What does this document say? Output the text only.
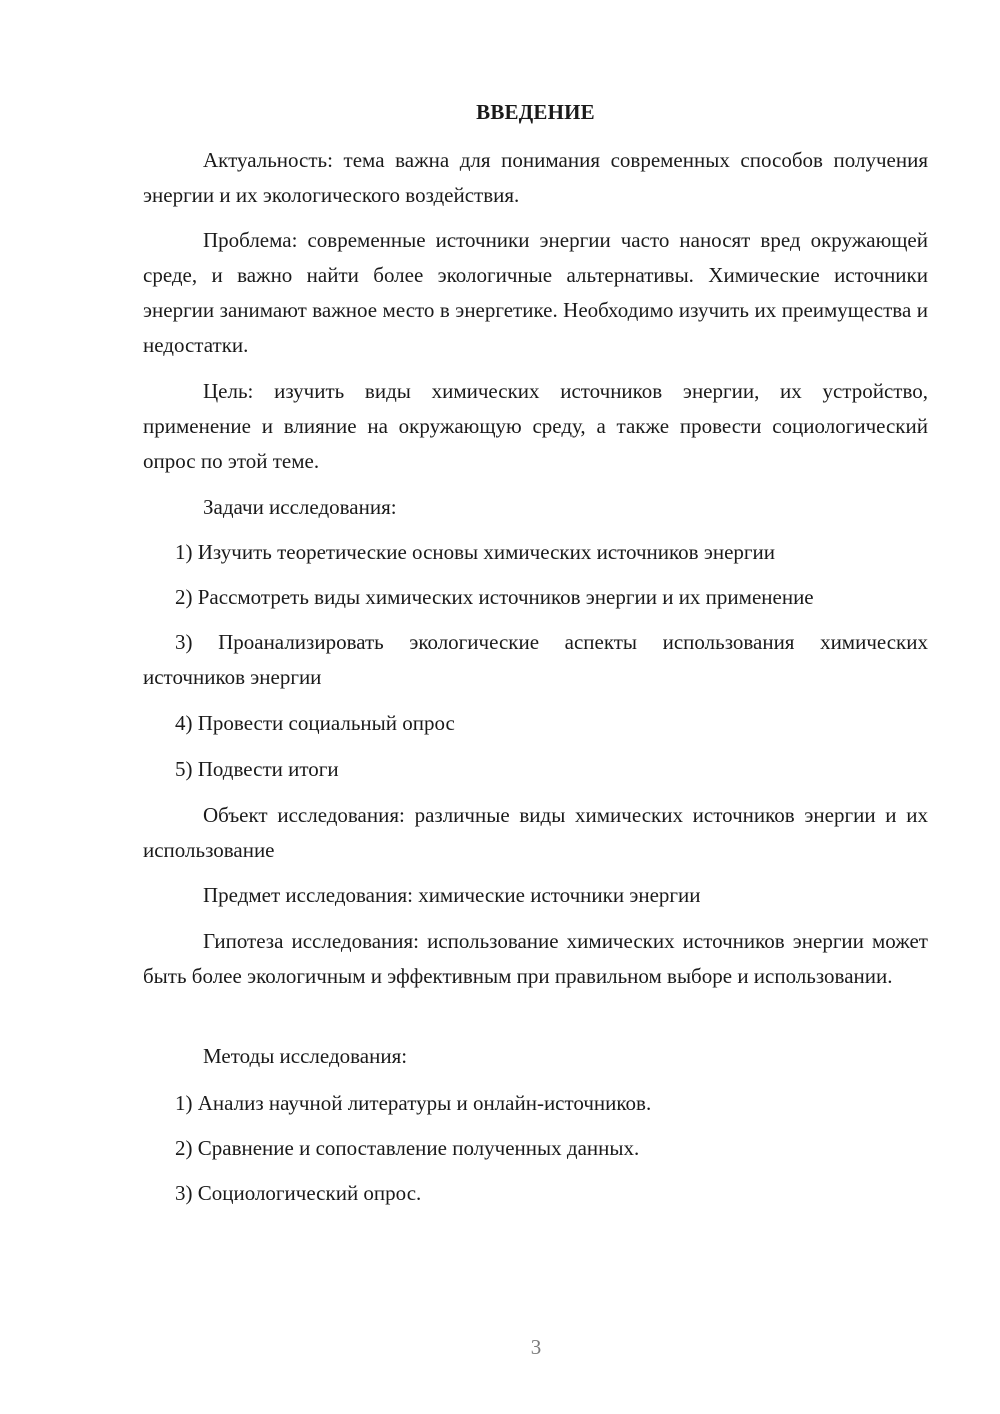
ВВЕДЕНИЕ

Актуальность: тема важна для понимания современных способов получения энергии и их экологического воздействия.

Проблема: современные источники энергии часто наносят вред окружающей среде, и важно найти более экологичные альтернативы. Химические источники энергии занимают важное место в энергетике. Необходимо изучить их преимущества и недостатки.

Цель: изучить виды химических источников энергии, их устройство, применение и влияние на окружающую среду, а также провести социологический опрос по этой теме.

Задачи исследования:

1) Изучить теоретические основы химических источников энергии

2) Рассмотреть виды химических источников энергии и их применение

3) Проанализировать экологические аспекты использования химических источников энергии

4) Провести социальный опрос

5) Подвести итоги

Объект исследования: различные виды химических источников энергии и их использование

Предмет исследования: химические источники энергии

Гипотеза исследования: использование химических источников энергии может быть более экологичным и эффективным при правильном выборе и использовании.

Методы исследования:

1) Анализ научной литературы и онлайн-источников.

2) Сравнение и сопоставление полученных данных.

3) Социологический опрос.

3
